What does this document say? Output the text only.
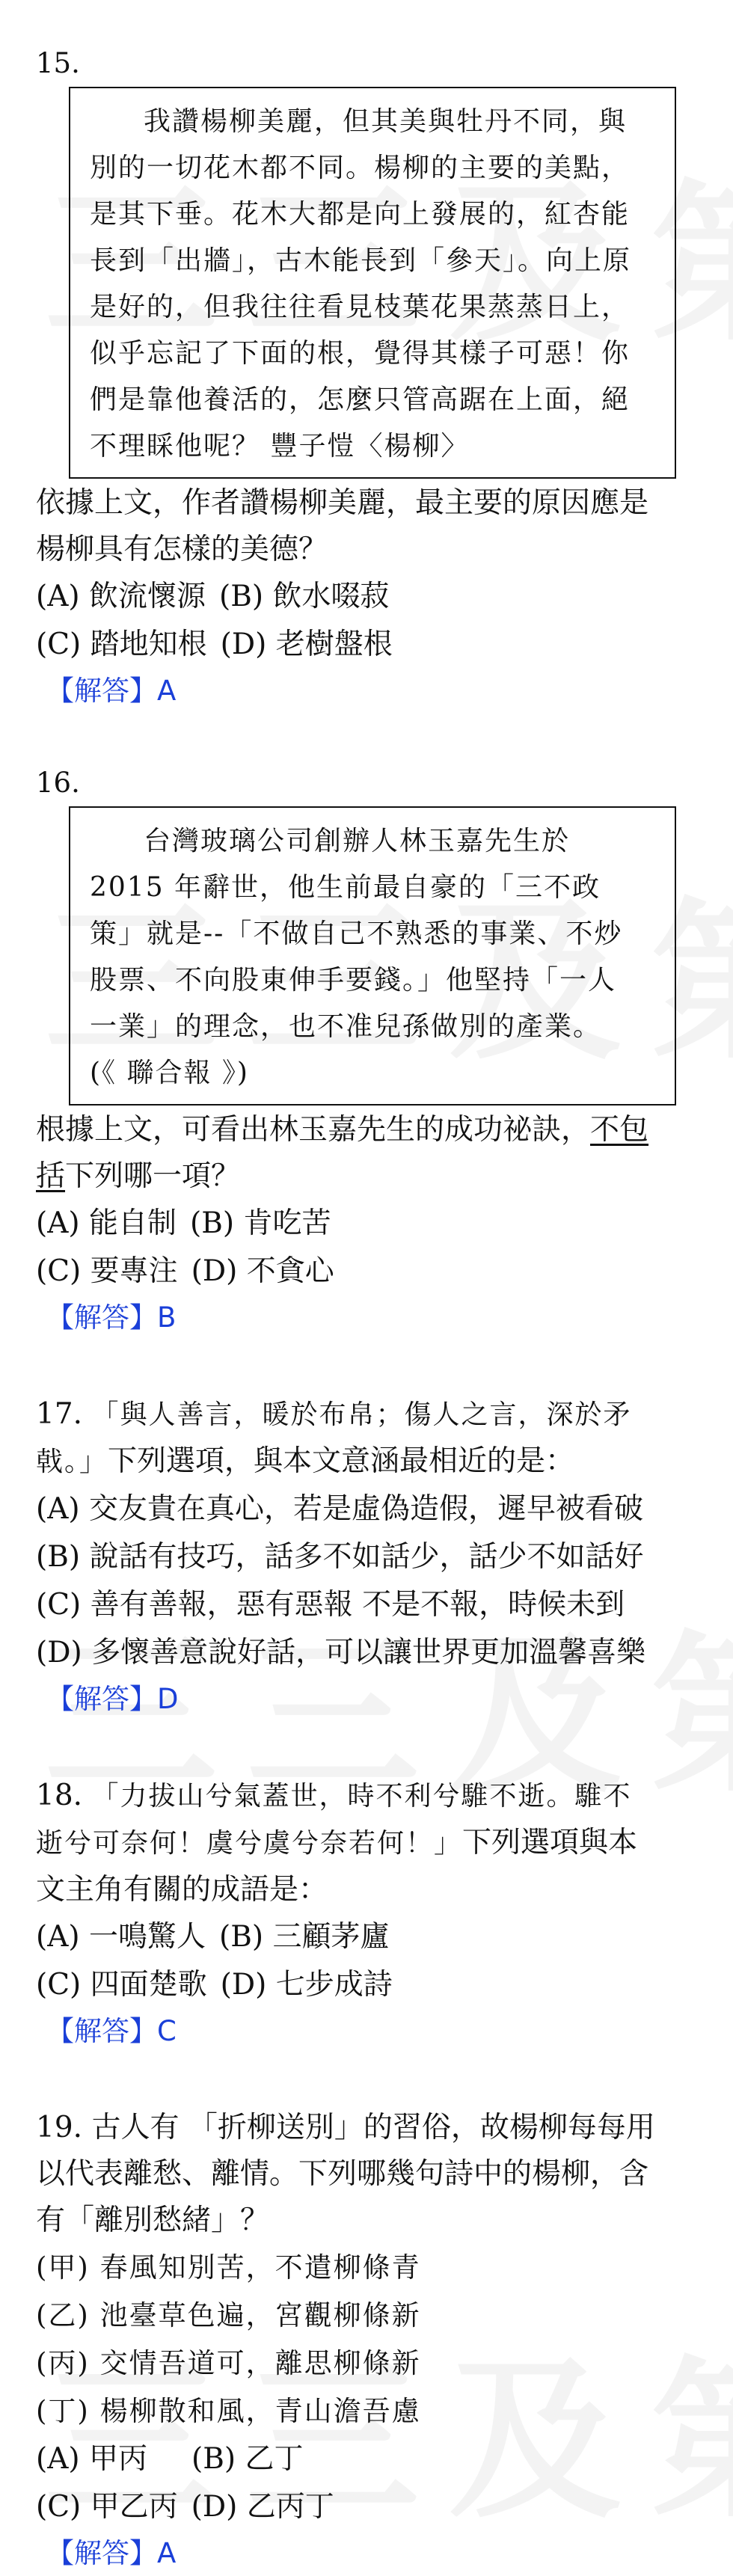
15.
我讚楊柳美麗，但其美與牡丹不同，與
別的一切花木都不同。楊柳的主要的美點，
是其下垂。花木大都是向上發展的，紅杏能
長到「出牆」，古木能長到「參天」。向上原
是好的，但我往往看見枝葉花果蒸蒸日上，
似乎忘記了下面的根，覺得其樣子可惡！你
們是靠他養活的，怎麼只管高踞在上面，絕
不理睬他呢？ 豐子愷〈楊柳〉
依據上文，作者讚楊柳美麗，最主要的原因應是
楊柳具有怎樣的美德？
(A) 飲流懷源 (B) 飲水啜菽
(C) 踏地知根 (D) 老樹盤根
【解答】A
16.
台灣玻璃公司創辦人林玉嘉先生於
2015 年辭世，他生前最自豪的「三不政
策」就是--「不做自己不熟悉的事業、不炒
股票、不向股東伸手要錢。」他堅持「一人
一業」的理念，也不准兒孫做別的產業。
(《 聯合報 》)
根據上文，可看出林玉嘉先生的成功祕訣，不包
括下列哪一項？
(A) 能自制 (B) 肯吃苦
(C) 要專注 (D) 不貪心
【解答】B
17. 「與人善言，暖於布帛；傷人之言，深於矛
戟。」下列選項，與本文意涵最相近的是：
(A) 交友貴在真心，若是虛偽造假，遲早被看破
(B) 說話有技巧，話多不如話少，話少不如話好
(C) 善有善報，惡有惡報 不是不報，時候未到
(D) 多懷善意說好話，可以讓世界更加溫馨喜樂
【解答】D
18. 「力拔山兮氣蓋世，時不利兮騅不逝。騅不
逝兮可奈何！虞兮虞兮奈若何！」下列選項與本
文主角有關的成語是：
(A) 一鳴驚人 (B) 三顧茅廬
(C) 四面楚歌 (D) 七步成詩
【解答】C
19. 古人有 「折柳送別」的習俗，故楊柳每每用
以代表離愁、離情。下列哪幾句詩中的楊柳，含
有「離別愁緒」？
(甲) 春風知別苦，不遣柳條青
(乙) 池臺草色遍，宮觀柳條新
(丙) 交情吾道可，離思柳條新
(丁) 楊柳散和風，青山澹吾慮
(A) 甲丙 (B) 乙丁
(C) 甲乙丙 (D) 乙丙丁
【解答】A
